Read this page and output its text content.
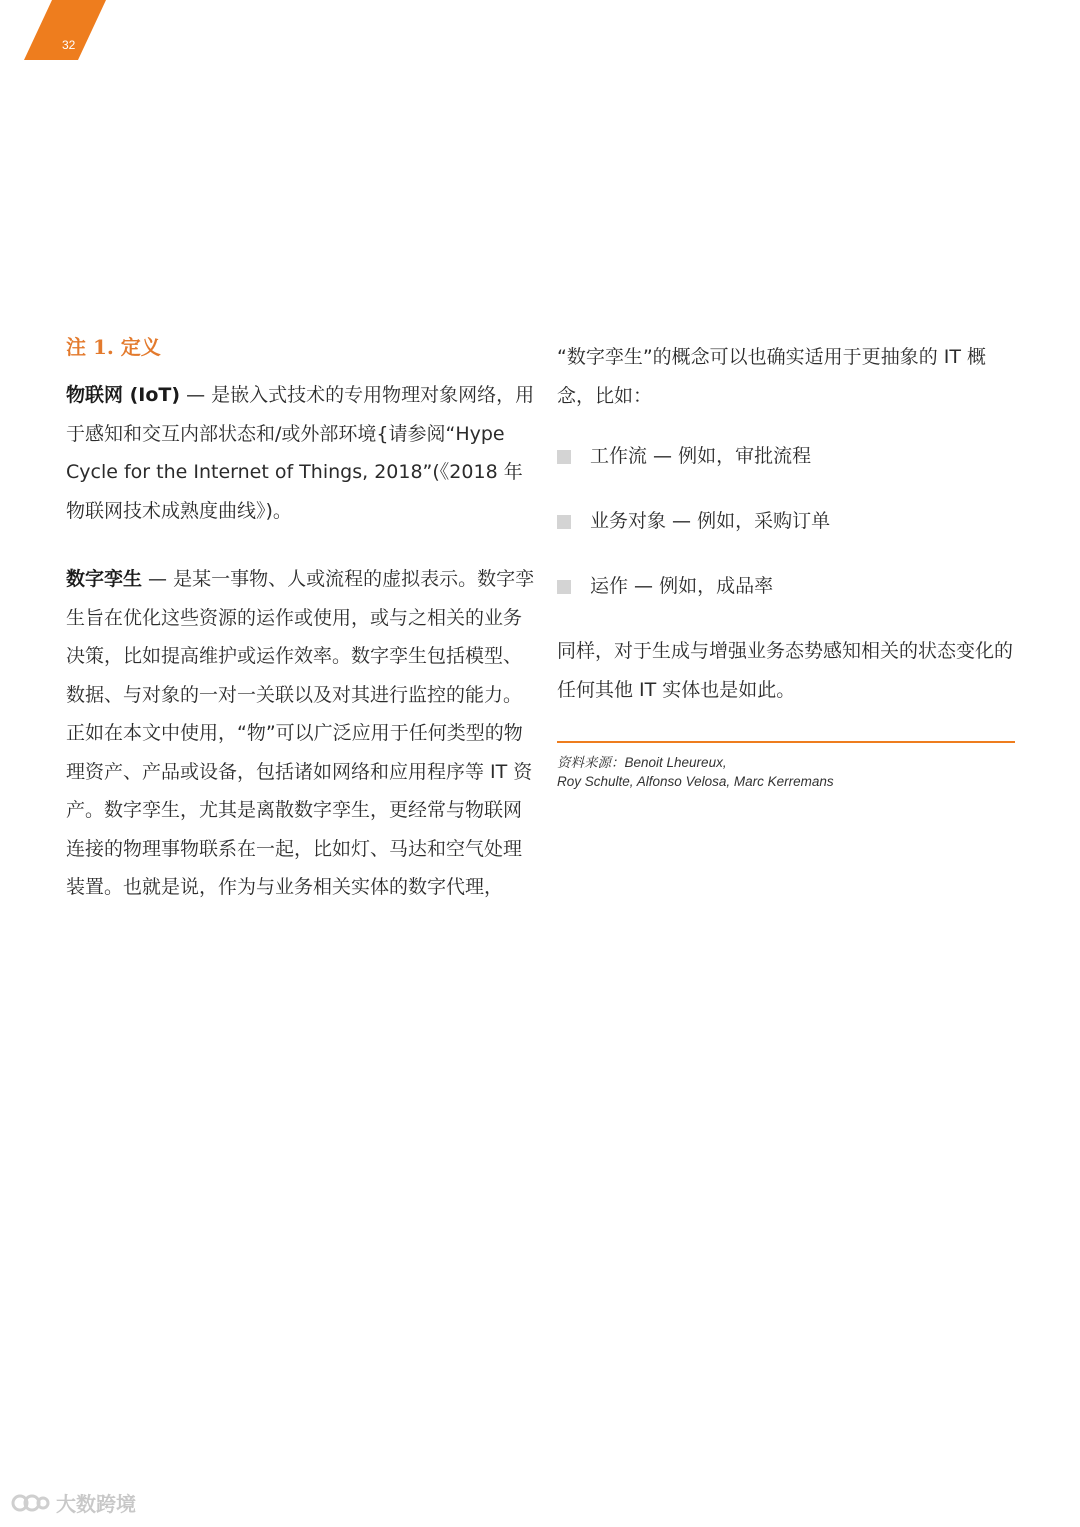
32
注 1. 定义

物联网 (IoT) — 是嵌入式技术的专用物理对象网络，用于感知和交互内部状态和/或外部环境{请参阅“Hype Cycle for the Internet of Things, 2018”(《2018 年物联网技术成熟度曲线》)。

数字孪生 — 是某一事物、人或流程的虚拟表示。数字孪生旨在优化这些资源的运作或使用，或与之相关的业务决策，比如提高维护或运作效率。数字孪生包括模型、数据、与对象的一对一关联以及对其进行监控的能力。正如在本文中使用，“物”可以广泛应用于任何类型的物理资产、产品或设备，包括诸如网络和应用程序等 IT 资产。数字孪生，尤其是离散数字孪生，更经常与物联网连接的物理事物联系在一起，比如灯、马达和空气处理装置。也就是说，作为与业务相关实体的数字代理，

“数字孪生”的概念可以也确实适用于更抽象的 IT 概念，比如：

工作流 — 例如，审批流程
业务对象 — 例如，采购订单
运作 — 例如，成品率

同样，对于生成与增强业务态势感知相关的状态变化的任何其他 IT 实体也是如此。

资料来源：Benoit Lheureux,
Roy Schulte, Alfonso Velosa, Marc Kerremans
大数跨境
